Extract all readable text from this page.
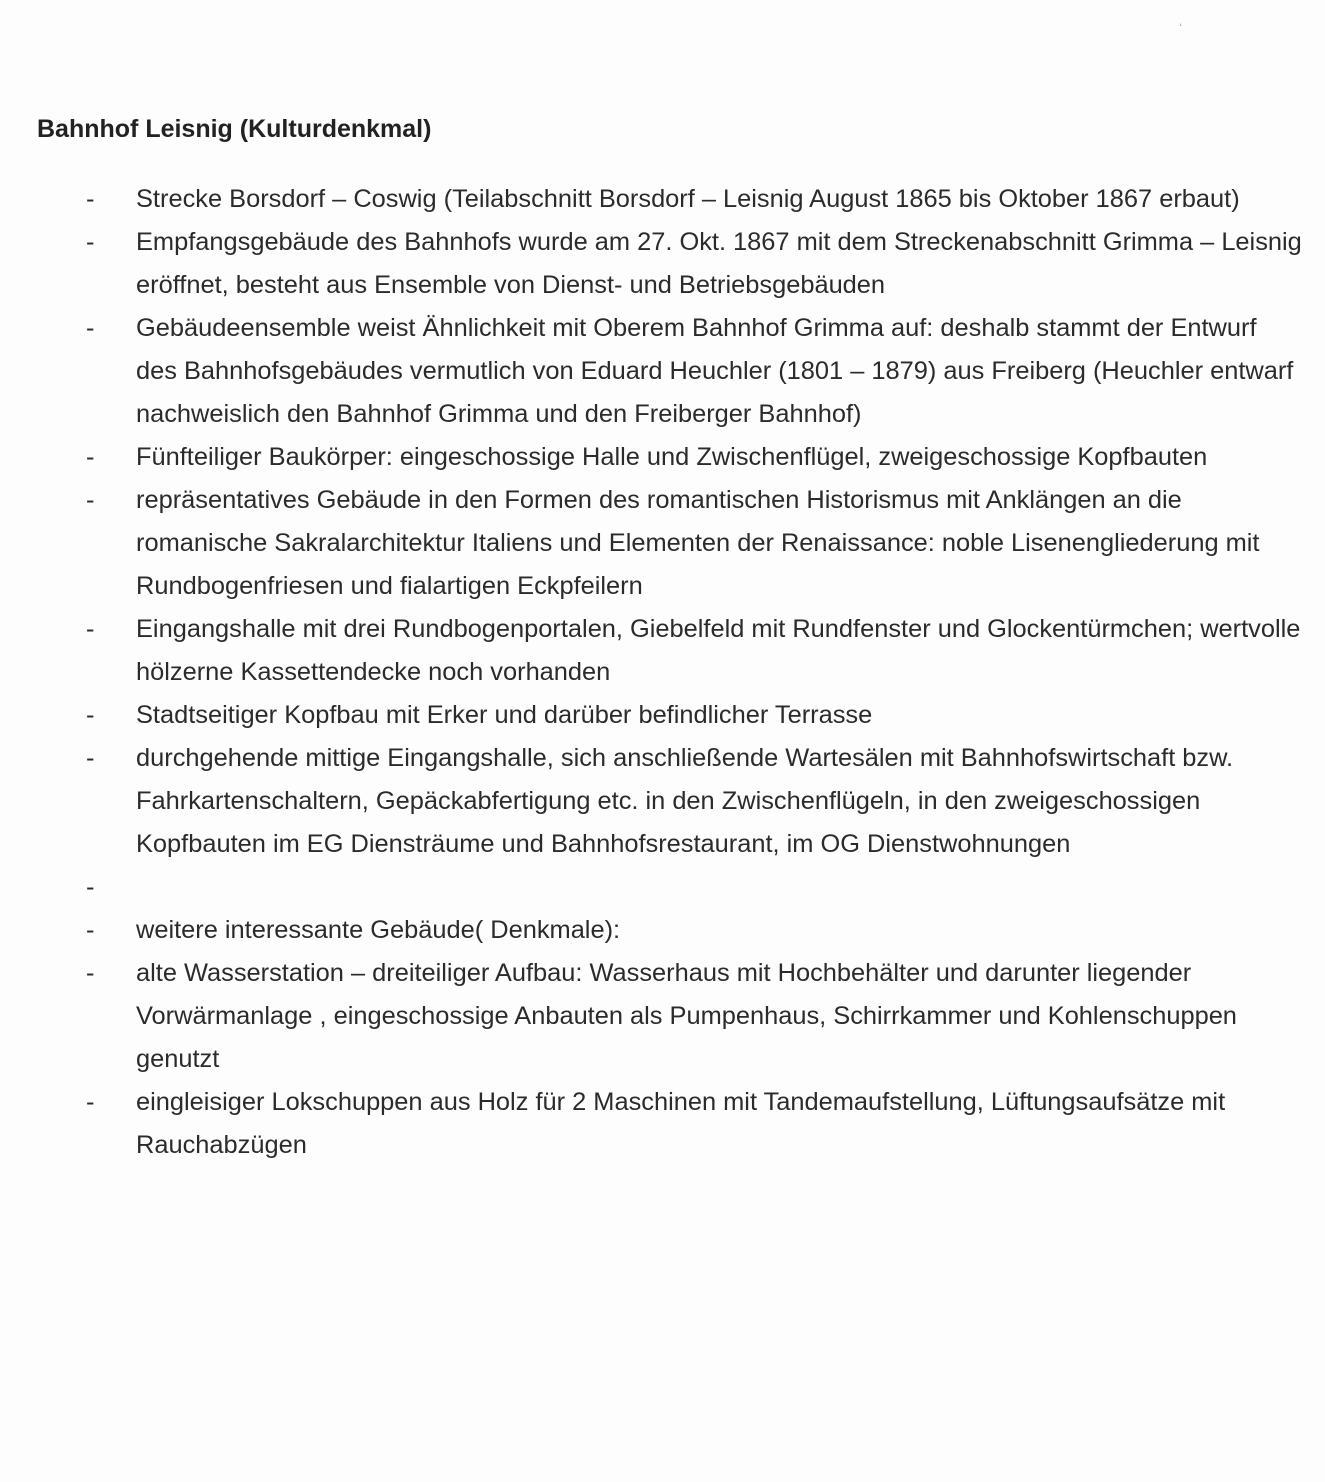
‘
Bahnhof Leisnig (Kulturdenkmal)
-	Strecke Borsdorf – Coswig (Teilabschnitt Borsdorf – Leisnig August 1865 bis Oktober 1867 erbaut)
-	Empfangsgebäude des Bahnhofs wurde am 27. Okt. 1867 mit dem Streckenabschnitt Grimma – Leisnig eröffnet, besteht aus Ensemble von Dienst- und Betriebsgebäuden
-	Gebäudeensemble weist Ähnlichkeit mit Oberem Bahnhof Grimma auf: deshalb stammt der Entwurf des Bahnhofsgebäudes vermutlich von Eduard Heuchler (1801 – 1879) aus Freiberg (Heuchler entwarf nachweislich den Bahnhof Grimma und den Freiberger Bahnhof)
-	Fünfteiliger Baukörper: eingeschossige Halle und Zwischenflügel, zweigeschossige Kopfbauten
-	repräsentatives Gebäude in den Formen des romantischen Historismus mit Anklängen an die romanische Sakralarchitektur Italiens und Elementen der Renaissance: noble Lisenengliederung mit Rundbogenfriesen und fialartigen Eckpfeilern
-	Eingangshalle mit drei Rundbogenportalen, Giebelfeld mit Rundfenster und Glockentürmchen; wertvolle hölzerne Kassettendecke noch vorhanden
-	Stadtseitiger Kopfbau mit Erker und darüber befindlicher Terrasse
-	durchgehende mittige Eingangshalle, sich anschließende Wartesälen mit Bahnhofswirtschaft bzw. Fahrkartenschaltern, Gepäckabfertigung etc. in den Zwischenflügeln, in den zweigeschossigen Kopfbauten im EG Diensträume und Bahnhofsrestaurant, im OG Dienstwohnungen
-
-	weitere interessante Gebäude( Denkmale):
-	alte Wasserstation – dreiteiliger Aufbau: Wasserhaus mit Hochbehälter und darunter liegender Vorwärmanlage , eingeschossige Anbauten als Pumpenhaus, Schirrkammer und Kohlenschuppen genutzt
-	eingleisiger Lokschuppen aus Holz für 2 Maschinen mit Tandemaufstellung, Lüftungsaufsätze mit Rauchabzügen
